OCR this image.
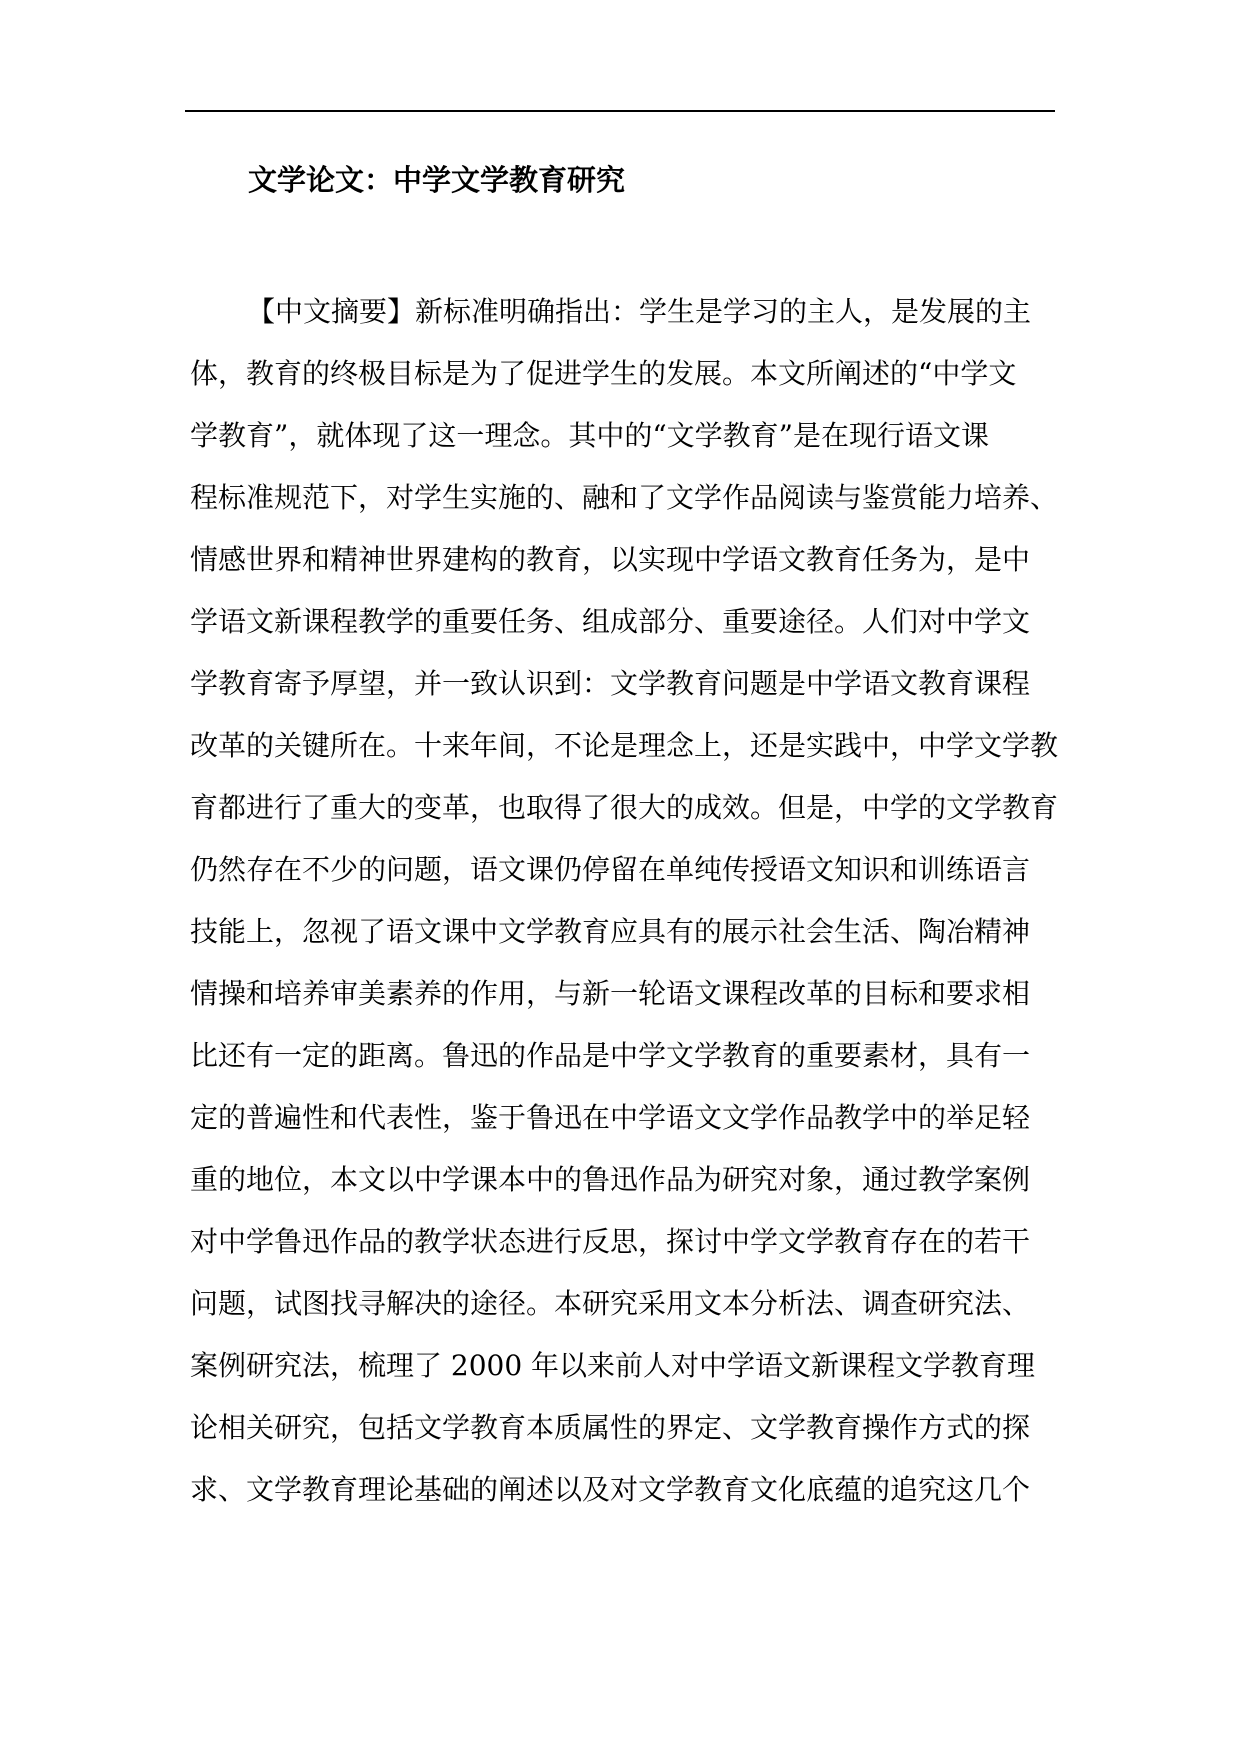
文学论文：中学文学教育研究
【中文摘要】新标准明确指出：学生是学习的主人，是发展的主
体，教育的终极目标是为了促进学生的发展。本文所阐述的“中学文
学教育”，就体现了这一理念。其中的“文学教育”是在现行语文课
程标准规范下，对学生实施的、融和了文学作品阅读与鉴赏能力培养、
情感世界和精神世界建构的教育，以实现中学语文教育任务为，是中
学语文新课程教学的重要任务、组成部分、重要途径。人们对中学文
学教育寄予厚望，并一致认识到：文学教育问题是中学语文教育课程
改革的关键所在。十来年间，不论是理念上，还是实践中，中学文学教
育都进行了重大的变革，也取得了很大的成效。但是，中学的文学教育
仍然存在不少的问题，语文课仍停留在单纯传授语文知识和训练语言
技能上，忽视了语文课中文学教育应具有的展示社会生活、陶冶精神
情操和培养审美素养的作用，与新一轮语文课程改革的目标和要求相
比还有一定的距离。鲁迅的作品是中学文学教育的重要素材，具有一
定的普遍性和代表性，鉴于鲁迅在中学语文文学作品教学中的举足轻
重的地位，本文以中学课本中的鲁迅作品为研究对象，通过教学案例
对中学鲁迅作品的教学状态进行反思，探讨中学文学教育存在的若干
问题，试图找寻解决的途径。本研究采用文本分析法、调查研究法、
案例研究法，梳理了 2000 年以来前人对中学语文新课程文学教育理
论相关研究，包括文学教育本质属性的界定、文学教育操作方式的探
求、文学教育理论基础的阐述以及对文学教育文化底蕴的追究这几个
